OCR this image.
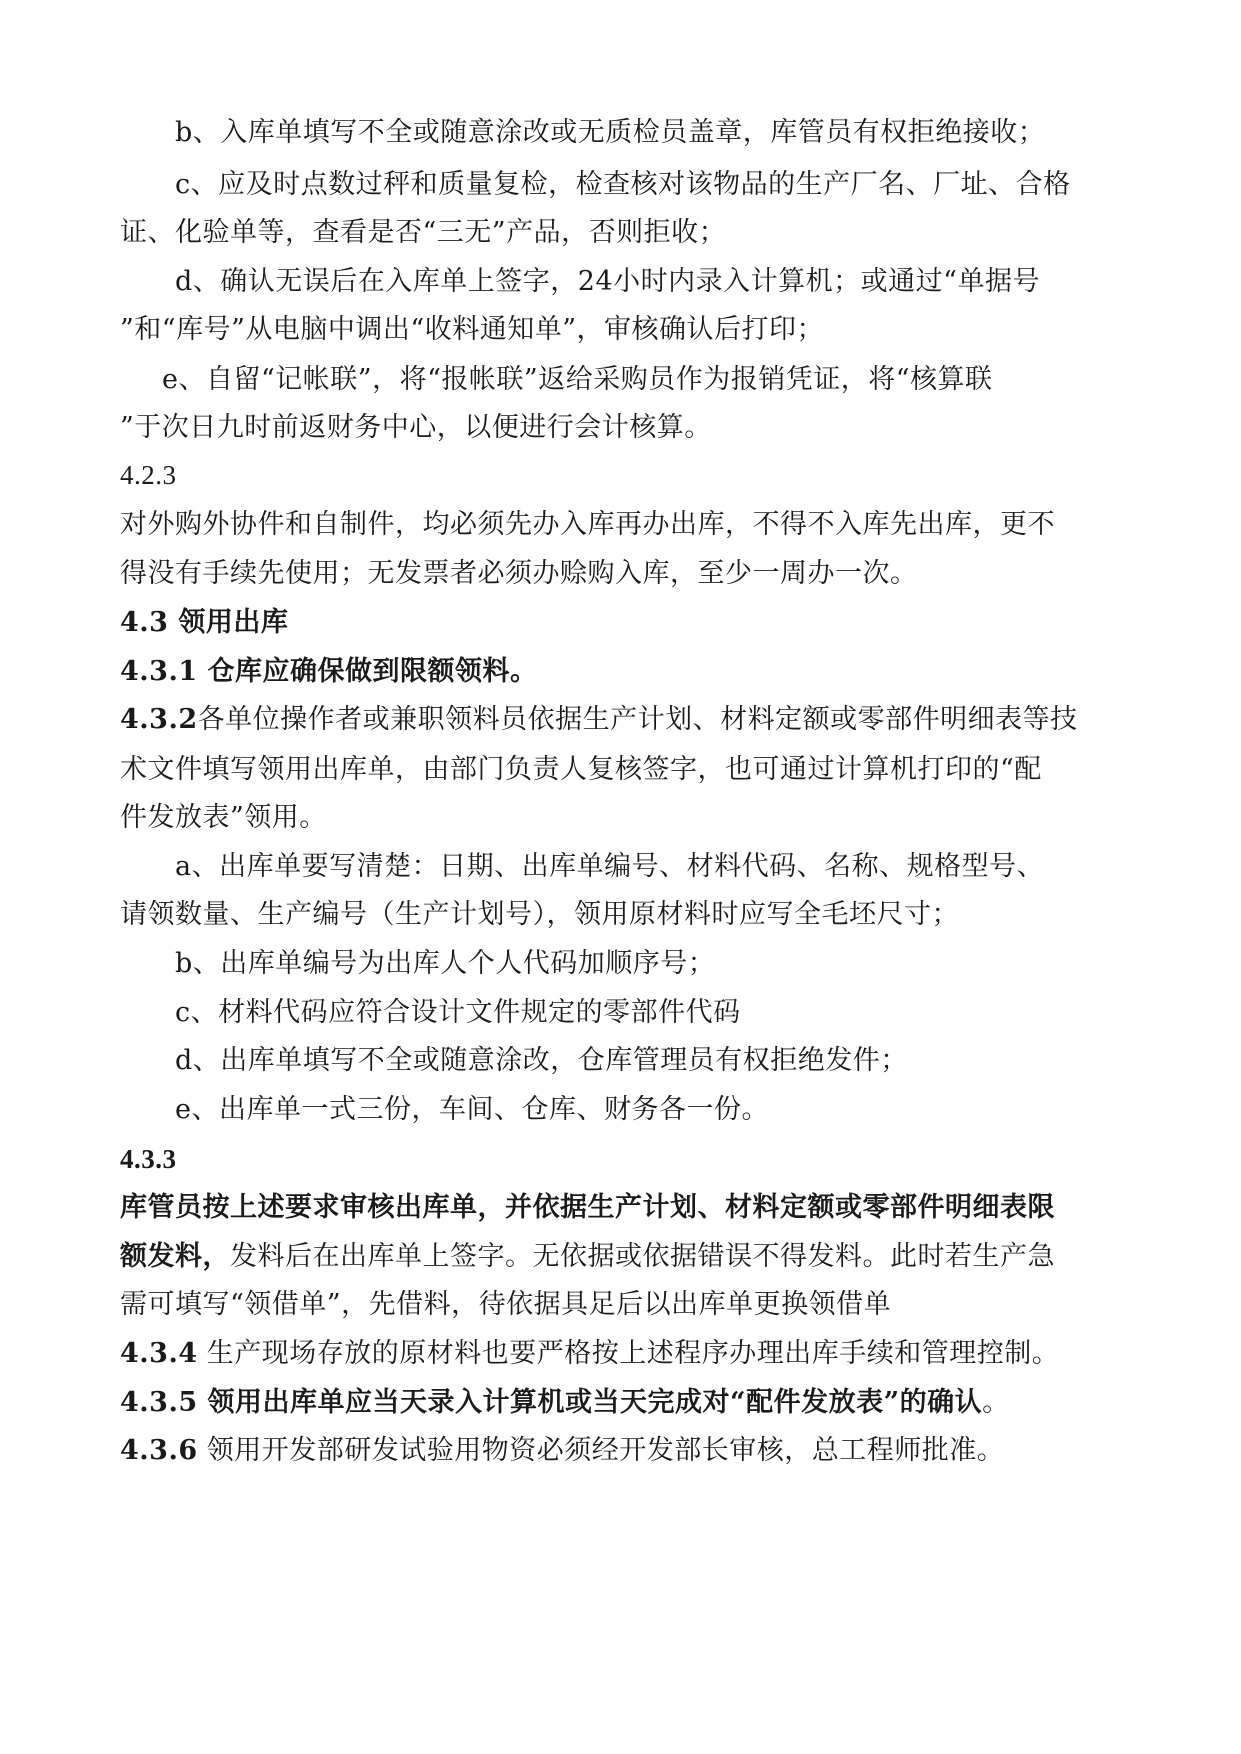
b、入库单填写不全或随意涂改或无质检员盖章，库管员有权拒绝接收；
c、应及时点数过秤和质量复检，检查核对该物品的生产厂名、厂址、合格
证、化验单等，查看是否“三无”产品，否则拒收；
d、确认无误后在入库单上签字，24小时内录入计算机；或通过“单据号
”和“库号”从电脑中调出“收料通知单”，审核确认后打印；
e、自留“记帐联”，将“报帐联”返给采购员作为报销凭证，将“核算联
”于次日九时前返财务中心，以便进行会计核算。
4.2.3
对外购外协件和自制件，均必须先办入库再办出库，不得不入库先出库，更不
得没有手续先使用；无发票者必须办赊购入库，至少一周办一次。
4.3 领用出库
4.3.1 仓库应确保做到限额领料。
4.3.2各单位操作者或兼职领料员依据生产计划、材料定额或零部件明细表等技
术文件填写领用出库单，由部门负责人复核签字，也可通过计算机打印的“配
件发放表”领用。
a、出库单要写清楚：日期、出库单编号、材料代码、名称、规格型号、
请领数量、生产编号（生产计划号），领用原材料时应写全毛坯尺寸；
b、出库单编号为出库人个人代码加顺序号；
c、材料代码应符合设计文件规定的零部件代码
d、出库单填写不全或随意涂改，仓库管理员有权拒绝发件；
e、出库单一式三份，车间、仓库、财务各一份。
4.3.3
库管员按上述要求审核出库单，并依据生产计划、材料定额或零部件明细表限
额发料，发料后在出库单上签字。无依据或依据错误不得发料。此时若生产急
需可填写“领借单”，先借料，待依据具足后以出库单更换领借单
4.3.4 生产现场存放的原材料也要严格按上述程序办理出库手续和管理控制。
4.3.5 领用出库单应当天录入计算机或当天完成对“配件发放表”的确认。
4.3.6 领用开发部研发试验用物资必须经开发部长审核，总工程师批准。
